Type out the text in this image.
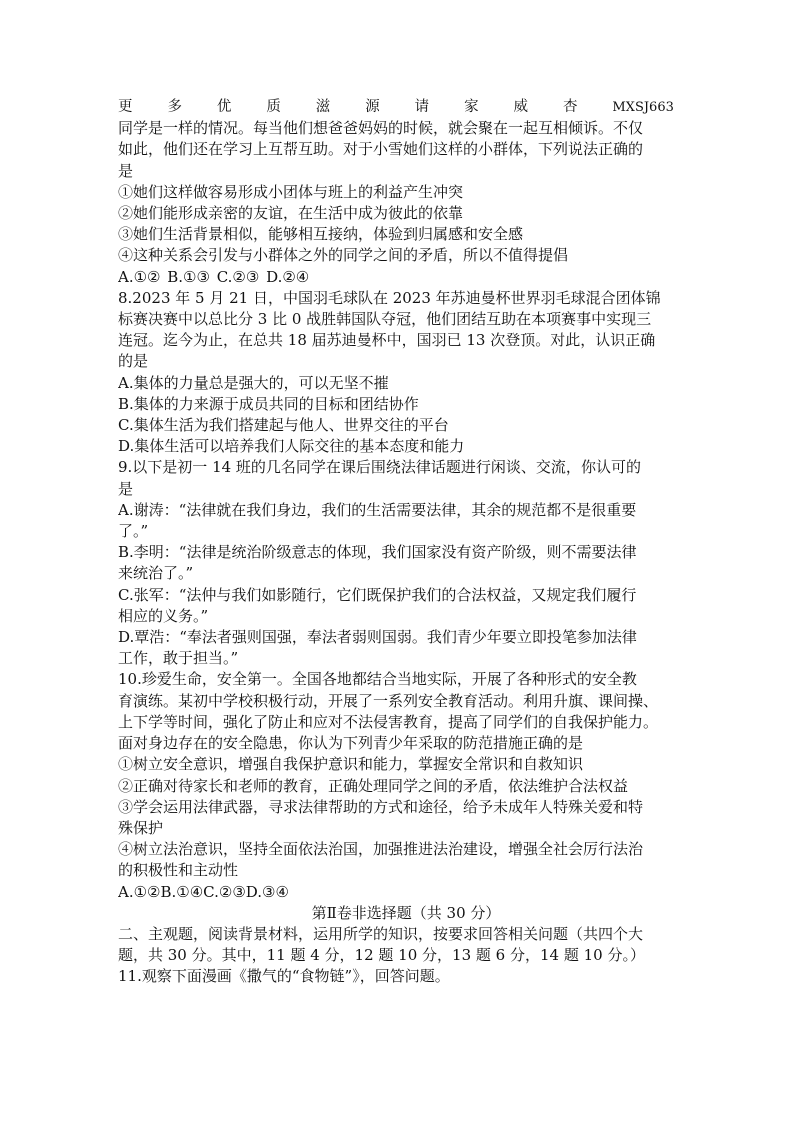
更 多 优 质 滋 源 请 家 威 杏	MXSJ663
同学是一样的情况。每当他们想爸爸妈妈的时候，就会聚在一起互相倾诉。不仅
如此，他们还在学习上互帮互助。对于小雪她们这样的小群体，下列说法正确的
是
①她们这样做容易形成小团体与班上的利益产生冲突
②她们能形成亲密的友谊，在生活中成为彼此的依靠
③她们生活背景相似，能够相互接纳，体验到归属感和安全感
④这种关系会引发与小群体之外的同学之间的矛盾，所以不值得提倡
A.①② B.①③ C.②③ D.②④
8.2023 年 5 月 21 日，中国羽毛球队在 2023 年苏迪曼杯世界羽毛球混合团体锦
标赛决赛中以总比分 3 比 0 战胜韩国队夺冠，他们团结互助在本项赛事中实现三
连冠。迄今为止，在总共 18 届苏迪曼杯中，国羽已 13 次登顶。对此，认识正确
的是
A.集体的力量总是强大的，可以无坚不摧
B.集体的力来源于成员共同的目标和团结协作
C.集体生活为我们搭建起与他人、世界交往的平台
D.集体生活可以培养我们人际交往的基本态度和能力
9.以下是初一 14 班的几名同学在课后围绕法律话题进行闲谈、交流，你认可的
是
A.谢涛：“法律就在我们身边，我们的生活需要法律，其余的规范都不是很重要
了。”
B.李明：“法律是统治阶级意志的体现，我们国家没有资产阶级，则不需要法律
来统治了。”
C.张军：“法仲与我们如影随行，它们既保护我们的合法权益，又规定我们履行
相应的义务。”
D.覃浩：“奉法者强则国强，奉法者弱则国弱。我们青少年要立即投笔参加法律
工作，敢于担当。”
10.珍爱生命，安全第一。全国各地都结合当地实际，开展了各种形式的安全教
育演练。某初中学校积极行动，开展了一系列安全教育活动。利用升旗、课间操、
上下学等时间，强化了防止和应对不法侵害教育，提高了同学们的自我保护能力。
面对身边存在的安全隐患，你认为下列青少年采取的防范措施正确的是
①树立安全意识，增强自我保护意识和能力，掌握安全常识和自救知识
②正确对待家长和老师的教育，正确处理同学之间的矛盾，依法维护合法权益
③学会运用法律武器，寻求法律帮助的方式和途径，给予未成年人特殊关爱和特
殊保护
④树立法治意识，坚持全面依法治国，加强推进法治建设，增强全社会厉行法治
的积极性和主动性
A.①②B.①④C.②③D.③④
第Ⅱ卷非选择题（共 30 分）
二、主观题，阅读背景材料，运用所学的知识，按要求回答相关问题（共四个大
题，共 30 分。其中，11 题 4 分，12 题 10 分，13 题 6 分，14 题 10 分。）
11.观察下面漫画《撒气的“食物链”》，回答问题。
